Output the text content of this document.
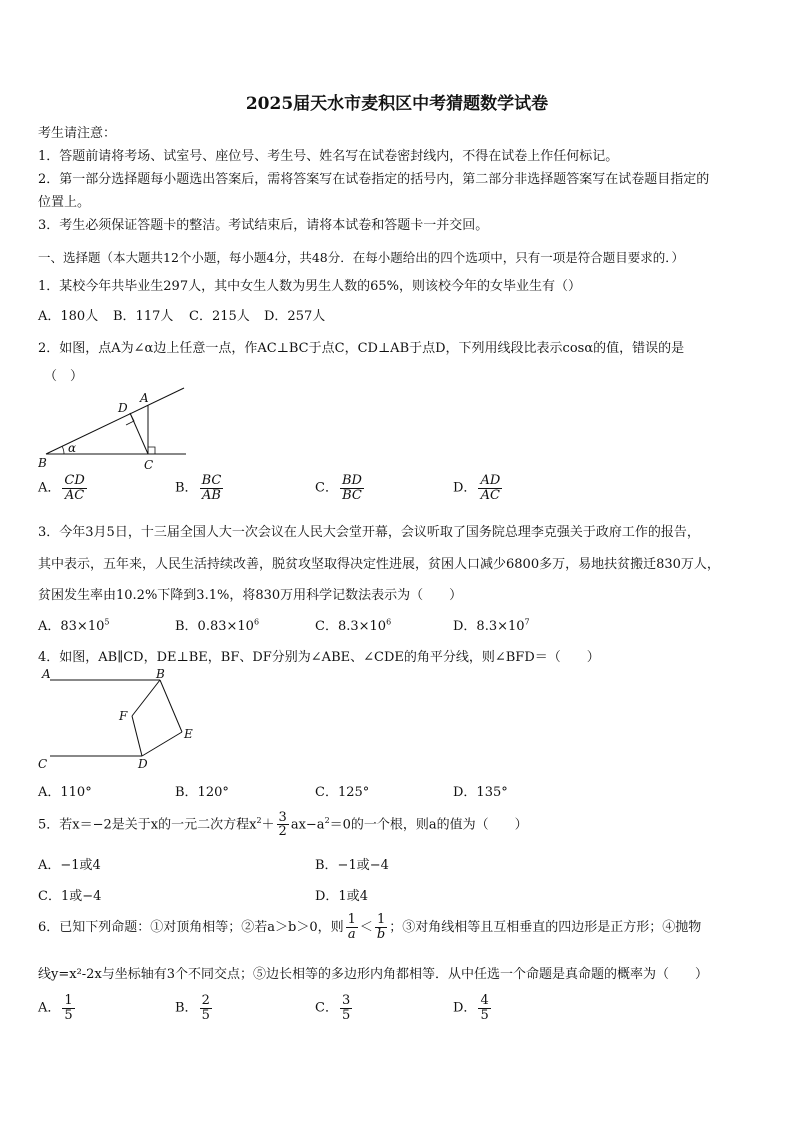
2025届天水市麦积区中考猜题数学试卷
考生请注意：
1．答题前请将考场、试室号、座位号、考生号、姓名写在试卷密封线内，不得在试卷上作任何标记。
2．第一部分选择题每小题选出答案后，需将答案写在试卷指定的括号内，第二部分非选择题答案写在试卷题目指定的
位置上。
3．考生必须保证答题卡的整洁。考试结束后，请将本试卷和答题卡一并交回。
一、选择题（本大题共12个小题，每小题4分，共48分．在每小题给出的四个选项中，只有一项是符合题目要求的．）
1．某校今年共毕业生297人，其中女生人数为男生人数的65%，则该校今年的女毕业生有（）
A．180人 B．117人 C．215人 D．257人
2．如图，点A为∠α边上任意一点，作AC⊥BC于点C，CD⊥AB于点D，下列用线段比表示cosα的值，错误的是
（　）
D
A
α
B	C
A． $\frac{CD}{AC}$	B． $\frac{BC}{AB}$	C． $\frac{BD}{BC}$	D． $\frac{AD}{AC}$
3．今年3月5日，十三届全国人大一次会议在人民大会堂开幕，会议听取了国务院总理李克强关于政府工作的报告，
其中表示，五年来，人民生活持续改善，脱贫攻坚取得决定性进展，贫困人口减少6800多万，易地扶贫搬迁830万人，
贫困发生率由10.2%下降到3.1%，将830万用科学记数法表示为（　　）
A．$83\times 10^5$	B．$0.83\times 10^6$	C．$8.3\times 10^6$	D．$8.3\times 10^7$
4．如图，AB∥CD，DE⊥BE，BF、DF分别为∠ABE、∠CDE的角平分线，则∠BFD＝（　　）
A	B
F
E
C	D
A．110°	B．120°	C．125°	D．135°
5．若x＝−2是关于x的一元二次方程$x^2+ \frac{3}{2} ax-a^2=0$的一个根，则a的值为（　　）
A．−1或4	B．−1或−4
C．1或−4	D．1或4
6．已知下列命题：①对顶角相等；②若a＞b＞0，则 $\frac{1}{a} < \frac{1}{b}$ ；③对角线相等且互相垂直的四边形是正方形；④抛物
线y=x²-2x与坐标轴有3个不同交点；⑤边长相等的多边形内角都相等．从中任选一个命题是真命题的概率为（　　）
A． $\frac{1}{5}$	B． $\frac{2}{5}$	C． $\frac{3}{5}$	D． $\frac{4}{5}$
